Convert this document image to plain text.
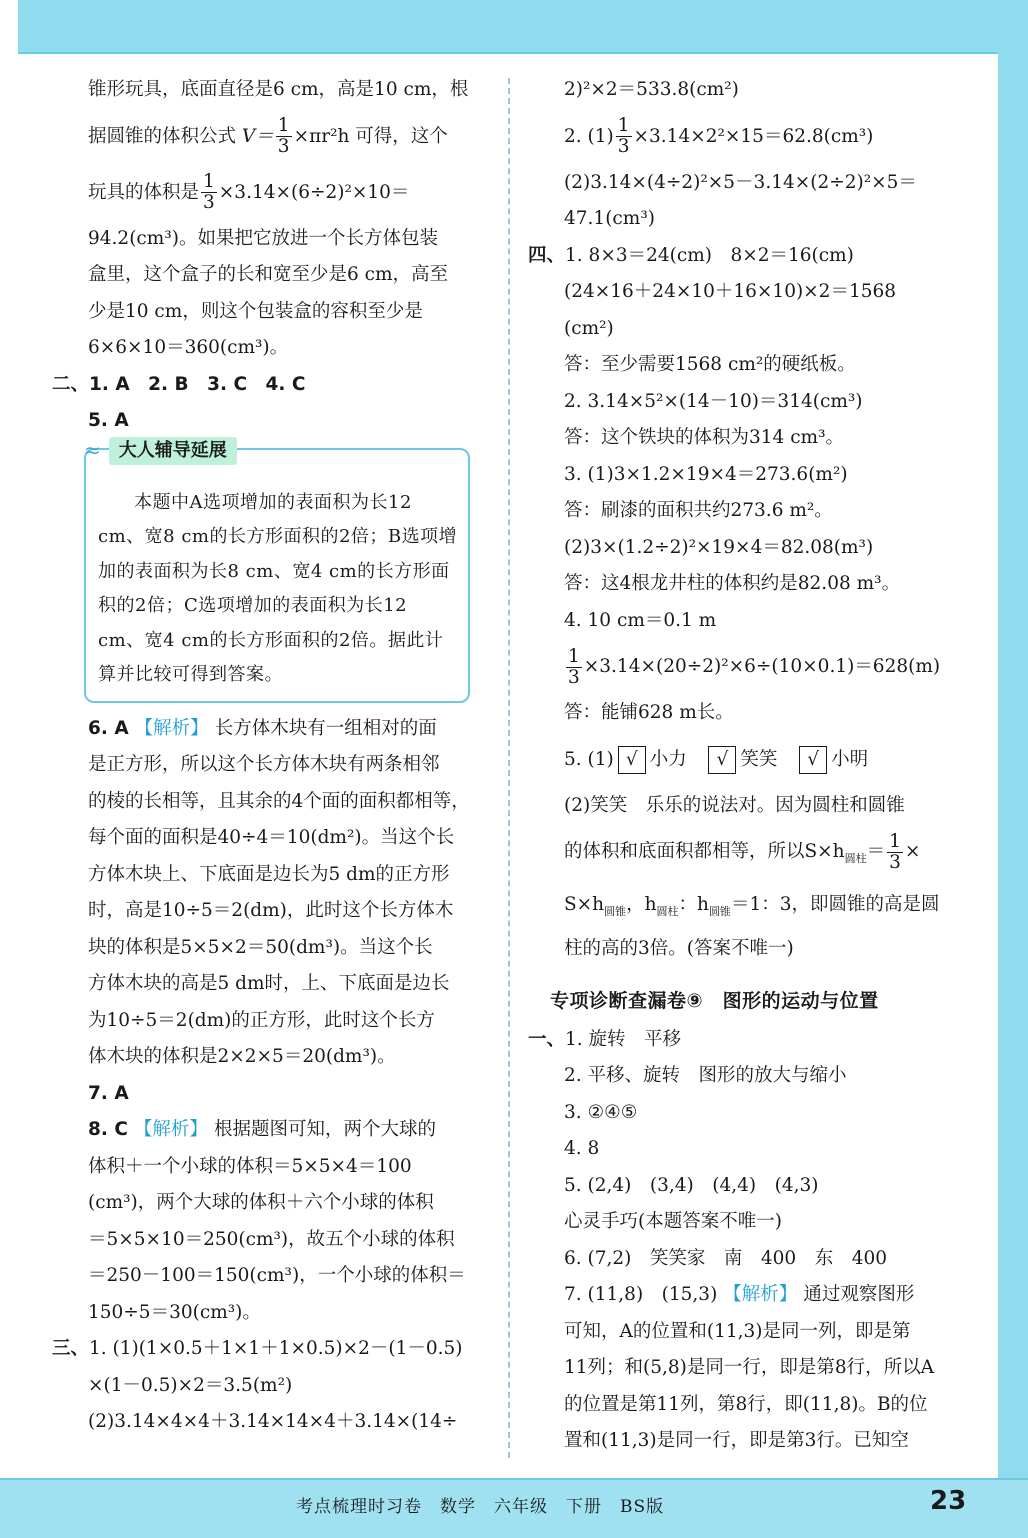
锥形玩具，底面直径是6 cm，高是10 cm，根
据圆锥的体积公式 $V= \frac{1}{3} \times\pi r^2h$ 可得，这个
玩具的体积是 $\frac{1}{3} \times 3.14\times(6\div 2)^2\times 10=$
94.2(cm³)。如果把它放进一个长方体包装
盒里，这个盒子的长和宽至少是6 cm，高至
少是10 cm，则这个包装盒的容积至少是
6×6×10＝360(cm³)。
二、1. A　2. B　3. C　4. C
5. A
≈	大人辅导延展
本题中A选项增加的表面积为长12 cm、宽8 cm的长方形面积的2倍；B选项增加的表面积为长8 cm、宽4 cm的长方形面积的2倍；C选项增加的表面积为长12 cm、宽4 cm的长方形面积的2倍。据此计算并比较可得到答案。
6. A 【解析】 长方体木块有一组相对的面
是正方形，所以这个长方体木块有两条相邻
的棱的长相等，且其余的4个面的面积都相等，
每个面的面积是40÷4＝10(dm²)。当这个长
方体木块上、下底面是边长为5 dm的正方形
时，高是10÷5＝2(dm)，此时这个长方体木
块的体积是5×5×2＝50(dm³)。当这个长
方体木块的高是5 dm时，上、下底面是边长
为10÷5＝2(dm)的正方形，此时这个长方
体木块的体积是2×2×5＝20(dm³)。
7. A
8. C 【解析】 根据题图可知，两个大球的
体积＋一个小球的体积＝5×5×4＝100
(cm³)，两个大球的体积＋六个小球的体积
＝5×5×10＝250(cm³)，故五个小球的体积
＝250－100＝150(cm³)，一个小球的体积＝
150÷5＝30(cm³)。
三、1. (1)(1×0.5＋1×1＋1×0.5)×2－(1－0.5)
×(1－0.5)×2＝3.5(m²)
(2)3.14×4×4＋3.14×14×4＋3.14×(14÷
2)²×2＝533.8(cm²)
2. $(1) \frac{1}{3} \times 3.14\times 2^2\times 15=62.8(cm^3)$
(2)3.14×(4÷2)²×5－3.14×(2÷2)²×5＝
47.1(cm³)
四、1. 8×3＝24(cm)　8×2＝16(cm)
(24×16＋24×10＋16×10)×2＝1568
(cm²)
答：至少需要1568 cm²的硬纸板。
2. 3.14×5²×(14－10)＝314(cm³)
答：这个铁块的体积为314 cm³。
3. (1)3×1.2×19×4＝273.6(m²)
答：刷漆的面积共约273.6 m²。
(2)3×(1.2÷2)²×19×4＝82.08(m³)
答：这4根龙井柱的体积约是82.08 m³。
4. 10 cm＝0.1 m
$\frac{1}{3} \times 3.14\times(20\div 2)^2\times 6\div(10\times 0.1)=628(m)$
答：能铺628 m长。
5. (1) √ 小力 √ 笑笑 √ 小明
(2)笑笑　乐乐的说法对。因为圆柱和圆锥
的体积和底面积都相等，所以$S\times h_{圆柱}= \frac{1}{3}$ ×
$S\times h_{圆锥}$，$h_{圆柱}$：$h_{圆锥}=1$：3，即圆锥的高是圆
柱的高的3倍。(答案不唯一)
专项诊断查漏卷⑨　图形的运动与位置
一、1. 旋转　平移
2. 平移、旋转　图形的放大与缩小
3. ②④⑤
4. 8
5. (2,4)　(3,4)　(4,4)　(4,3)
心灵手巧(本题答案不唯一)
6. (7,2)　笑笑家　南　400　东　400
7. (11,8)　(15,3) 【解析】 通过观察图形
可知，A的位置和(11,3)是同一列，即是第
11列；和(5,8)是同一行，即是第8行，所以A
的位置是第11列，第8行，即(11,8)。B的位
置和(11,3)是同一行，即是第3行。已知空
考点梳理时习卷　数学　六年级　下册　BS版	23
